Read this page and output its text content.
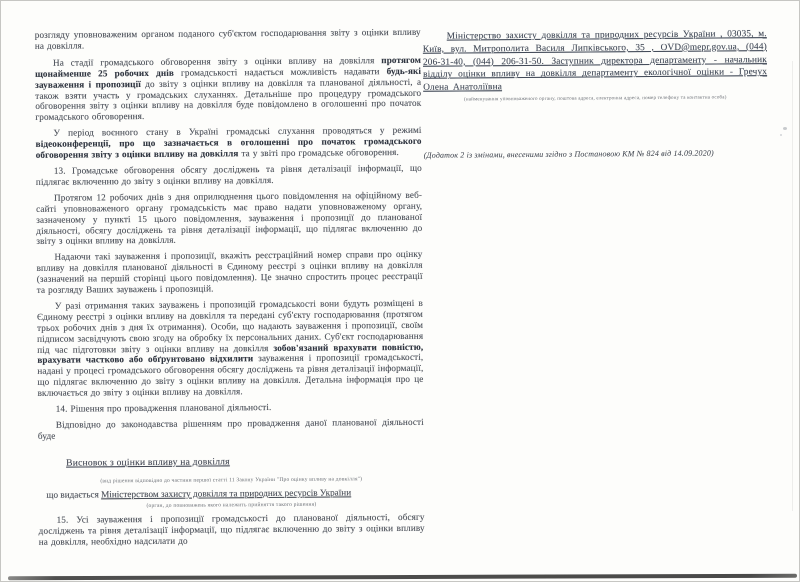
розгляду уповноваженим органом поданого суб'єктом господарювання звіту з оцінки впливу на довкілля.
На стадії громадського обговорення звіту з оцінки впливу на довкілля протягом щонайменше 25 робочих днів громадськості надається можливість надавати будь-які зауваження і пропозиції до звіту з оцінки впливу на довкілля та планованої діяльності, а також взяти участь у громадських слуханнях. Детальніше про процедуру громадського обговорення звіту з оцінки впливу на довкілля буде повідомлено в оголошенні про початок громадського обговорення.
У період воєнного стану в Україні громадські слухання проводяться у режимі відеоконференції, про що зазначається в оголошенні про початок громадського обговорення звіту з оцінки впливу на довкілля та у звіті про громадське обговорення.
13. Громадське обговорення обсягу досліджень та рівня деталізації інформації, що підлягає включенню до звіту з оцінки впливу на довкілля.
Протягом 12 робочих днів з дня оприлюднення цього повідомлення на офіційному веб-сайті уповноваженого органу громадськість має право надати уповноваженому органу, зазначеному у пункті 15 цього повідомлення, зауваження і пропозиції до планованої діяльності, обсягу досліджень та рівня деталізації інформації, що підлягає включенню до звіту з оцінки впливу на довкілля.
Надаючи такі зауваження і пропозиції, вкажіть реєстраційний номер справи про оцінку впливу на довкілля планованої діяльності в Єдиному реєстрі з оцінки впливу на довкілля (зазначений на першій сторінці цього повідомлення). Це значно спростить процес реєстрації та розгляду Ваших зауважень і пропозицій.
У разі отримання таких зауважень і пропозицій громадськості вони будуть розміщені в Єдиному реєстрі з оцінки впливу на довкілля та передані суб'єкту господарювання (протягом трьох робочих днів з дня їх отримання). Особи, що надають зауваження і пропозиції, своїм підписом засвідчують свою згоду на обробку їх персональних даних. Суб'єкт господарювання під час підготовки звіту з оцінки впливу на довкілля зобов'язаний врахувати повністю, врахувати частково або обґрунтовано відхилити зауваження і пропозиції громадськості, надані у процесі громадського обговорення обсягу досліджень та рівня деталізації інформації, що підлягає включенню до звіту з оцінки впливу на довкілля. Детальна інформація про це включається до звіту з оцінки впливу на довкілля.
14. Рішення про провадження планованої діяльності.
Відповідно до законодавства рішенням про провадження даної планованої діяльності буде
Висновок з оцінки впливу на довкілля
(вид рішення відповідно до частини першої статті 11 Закону України "Про оцінку впливу на довкілля")
що видається Міністерством захисту довкілля та природних ресурсів України
(орган, до повноважень якого належить прийняття такого рішення)
15. Усі зауваження і пропозиції громадськості до планованої діяльності, обсягу досліджень та рівня деталізації інформації, що підлягає включенню до звіту з оцінки впливу на довкілля, необхідно надсилати до
Міністерство захисту довкілля та природних ресурсів України , 03035, м. Київ, вул. Митрополита Василя Липківського, 35 , OVD@mepr.gov.ua, (044) 206-31-40, (044) 206-31-50. Заступник директора департаменту - начальник відділу оцінки впливу на довкілля департаменту екологічної оцінки - Гречух Олена Анатоліївна
(найменування уповноваженого органу, поштова адреса, електронна адреса, номер телефону та контактна особа)
(Додаток 2 із змінами, внесеними згідно з Постановою КМ № 824 від 14.09.2020)
